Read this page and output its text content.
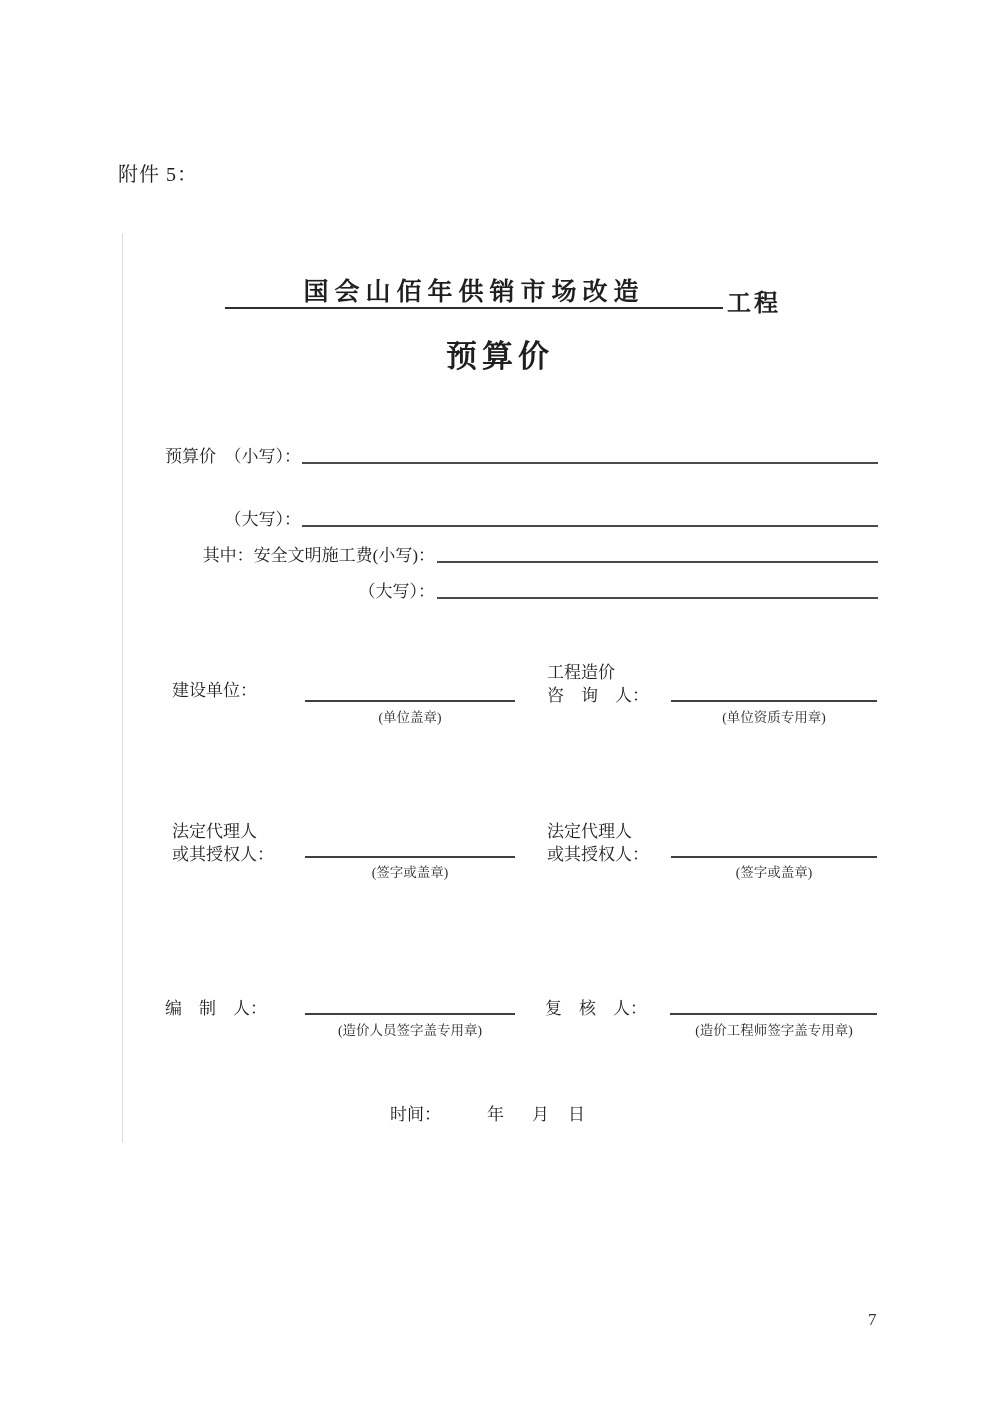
附件 5：
国会山佰年供销市场改造	工程
预算价
预算价　（小写）：
（大写）：
其中：安全文明施工费(小写)：
（大写）：
建设单位：
(单位盖章)
工程造价
咨　询　人：
(单位资质专用章)
法定代理人
或其授权人：
(签字或盖章)
法定代理人
或其授权人：
(签字或盖章)
编　制　人：
(造价人员签字盖专用章)
复　核　人：
(造价工程师签字盖专用章)
时间：	年 月 日
7
